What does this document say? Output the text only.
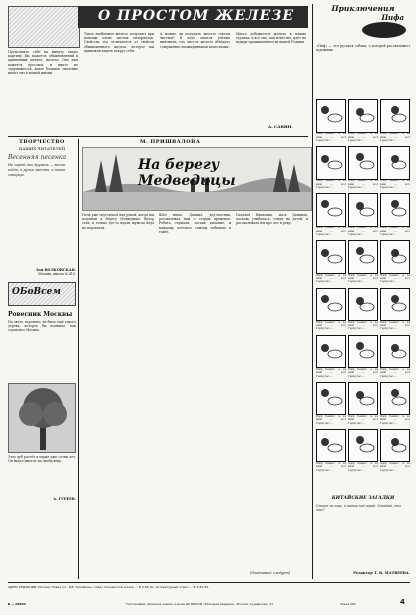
О ПРОСТОМ ЖЕЛЕЗЕ
Представьте себе на минуту такую картину. Вы, кажется, обыкновенный и привычный металл, железо. Оно нам кажется простым, и никто не задумывается, какое большое значение имеет оно в нашей жизни.
Такое необычное железо получают при помощи очень чистых материалов. Свойства его отличаются от свойств обыкновенного железа, которое мы привыкли видеть вокруг себя.
А можно ли получить железо совсем чистым? В ходе опытов учёные выяснили, что чистое железо обладает совершенно неожиданными качествами.
Много добывается железа в наших странах, и всё оно, как известно, идёт на нужды промышленности нашей Родины.
А. САВИН.
ТВОРЧЕСТВО
НАШИХ ЧИТАТЕЛЕЙ
Весенняя песенка
Не горюй ты дружок — весна идёт, и ручьи звенят, и поют скворцы.
Зоя ВОЛКОВСКАЯ.
Москва, школа № 415.
ОБоВсем
Ровесник Москвы
На свете, вероятно, не было ещё такого дерева, которое бы помнило, как строилась Москва.
Этот дуб растёт в парке уже сотни лет. Он видел многое на своём веку.
А. ГУРЕЕВ.
М. ПРИШВАЛОВА
На берегу Медведицы
Ночь уже спустилась над рекой, когда мы подошли к берегу Медведицы. Ветер стих, и только где-то вдали шумела вода на перекатах.
Шёл мимо, Даниил, дед-охотник, рассказывал нам о старых временах. Ребята слушали, затаив дыхание, и каждому хотелось самому побывать в тайге.
Наталья Ивановна, мать Даниила, ласково улыбалась, глядя на детей, и рассказывала им про лес и реку.
(Окончание следует)
Приключения
Пифа
«Пиф» — это русская собака, о которой рассказывает художник.
Пиф бежит, а за ним — кот Геркулес…
Пиф бежит, а за ним — кот Геркулес…
Пиф бежит, а за ним — кот Геркулес…
Пиф бежит, а за ним — кот Геркулес…
Пиф бежит, а за ним — кот Геркулес…
Пиф бежит, а за ним — кот Геркулес…
Пиф бежит, а за ним — кот Геркулес…
Пиф бежит, а за ним — кот Геркулес…
Пиф бежит, а за ним — кот Геркулес…
Пиф бежит, а за ним — кот Геркулес…
Пиф бежит, а за ним — кот Геркулес…
Пиф бежит, а за ним — кот Геркулес…
Пиф бежит, а за ним — кот Геркулес…
Пиф бежит, а за ним — кот Геркулес…
Пиф бежит, а за ним — кот Геркулес…
Пиф бежит, а за ним — кот Геркулес…
Пиф бежит, а за ним — кот Геркулес…
Пиф бежит, а за ним — кот Геркулес…
Пиф бежит, а за ним — кот Геркулес…
Пиф бежит, а за ним — кот Геркулес…
Пиф бежит, а за ним — кот Геркулес…
Пиф бежит, а за ним — кот Геркулес…
Пиф бежит, а за ним — кот Геркулес…
Пиф бежит, а за ним — кот Геркулес…
КИТАЙСКИЕ ЗАГАДКИ
Стоит на горе, а шапка под горой. Отгадай, кто это?
Редактор Т. В. МАТВЕЕВА.
АДРЕС РЕДАКЦИИ: Москва, Новая пл., 6/8. Телефоны: отдел пионерской жизни — Б 3-64-00, литературный отдел — Б 3-80-55.
Типография «Красное знамя» изд-ва ЦК ВЛКСМ «Молодая гвардия». Москва, Сущёвская, 21.
Б — 00605	Заказ 264	4
